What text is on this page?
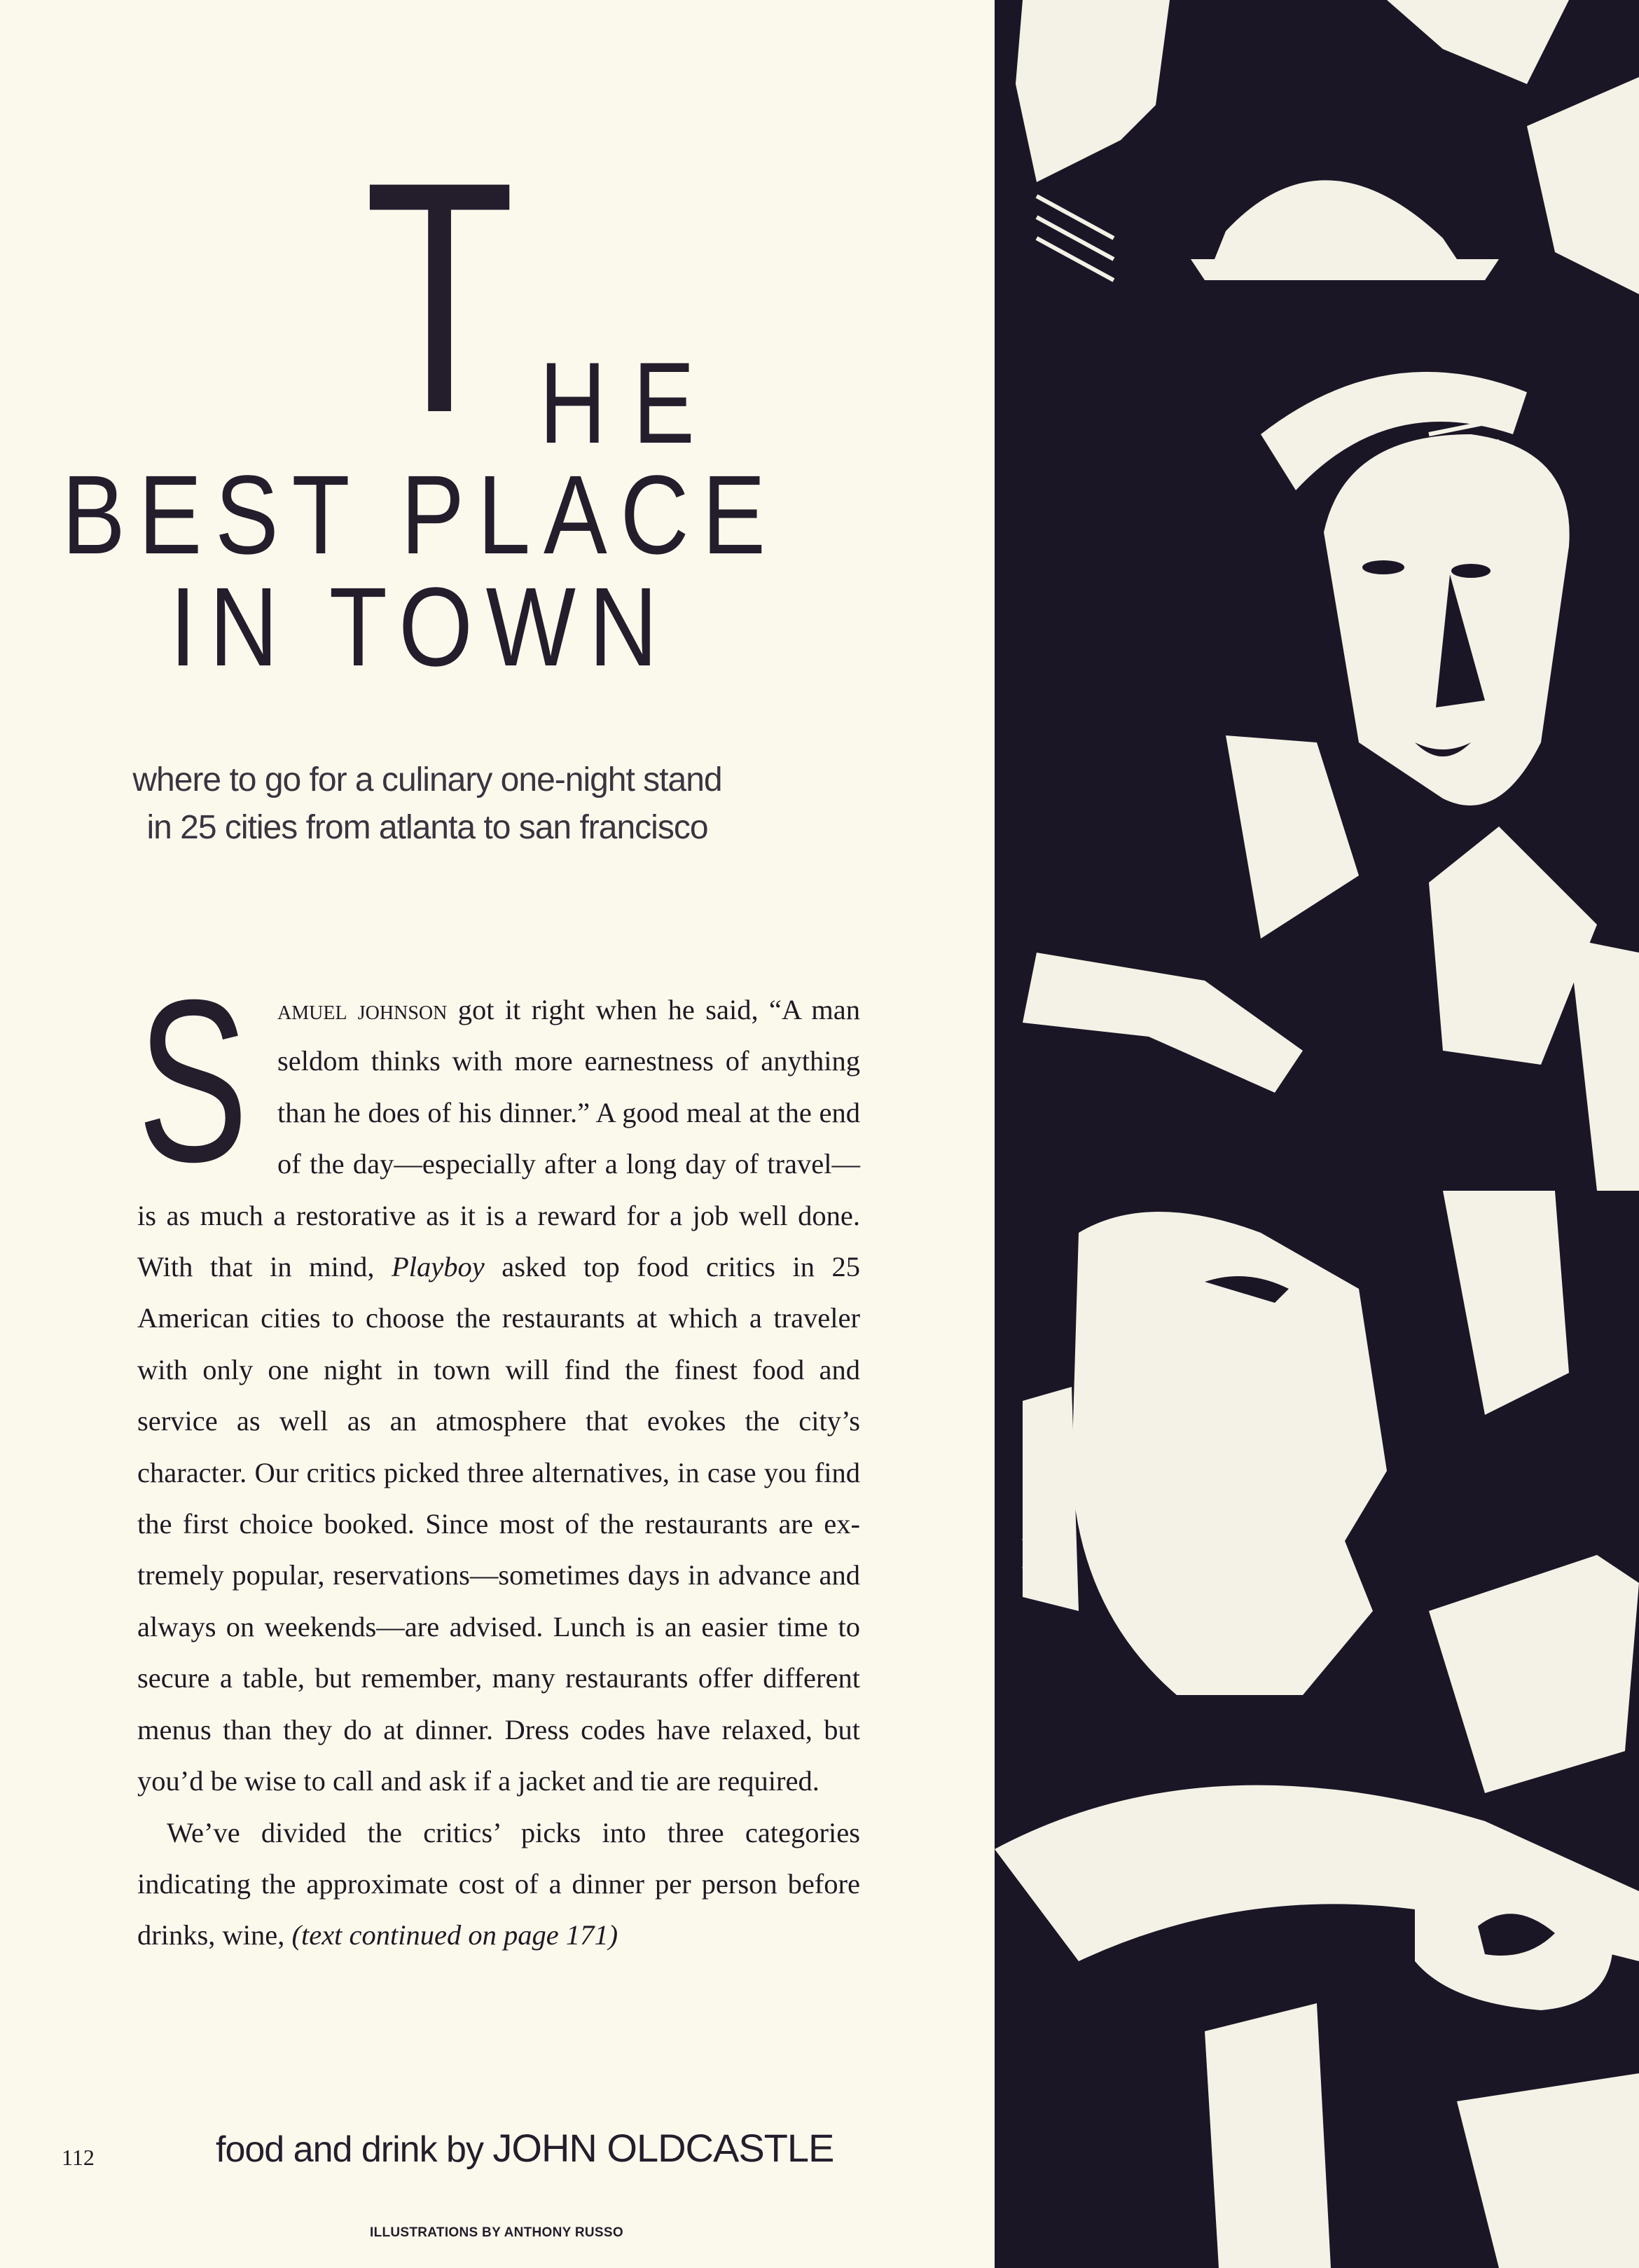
T HE
BEST PLACE
IN TOWN
where to go for a culinary one-night stand
in 25 cities from atlanta to san francisco

S amuel johnson got it right when he said, “A man seldom thinks with more earnestness of anything than he does of his dinner.” A good meal at the end of the day—especially after a long day of travel—is as much a restorative as it is a reward for a job well done. With that in mind, Playboy asked top food critics in 25 American cities to choose the restaurants at which a traveler with only one night in town will find the finest food and service as well as an atmosphere that evokes the city’s character. Our critics picked three alternatives, in case you find the first choice booked. Since most of the restaurants are extremely popular, reservations—sometimes days in advance and always on weekends—are advised. Lunch is an easier time to secure a table, but remember, many restaurants offer different menus than they do at dinner. Dress codes have relaxed, but you’d be wise to call and ask if a jacket and tie are required.

We’ve divided the critics’ picks into three categories indicating the approximate cost of a dinner per person before drinks, wine, (text continued on page 171)

112	food and drink by JOHN OLDCASTLE
ILLUSTRATIONS BY ANTHONY RUSSO
